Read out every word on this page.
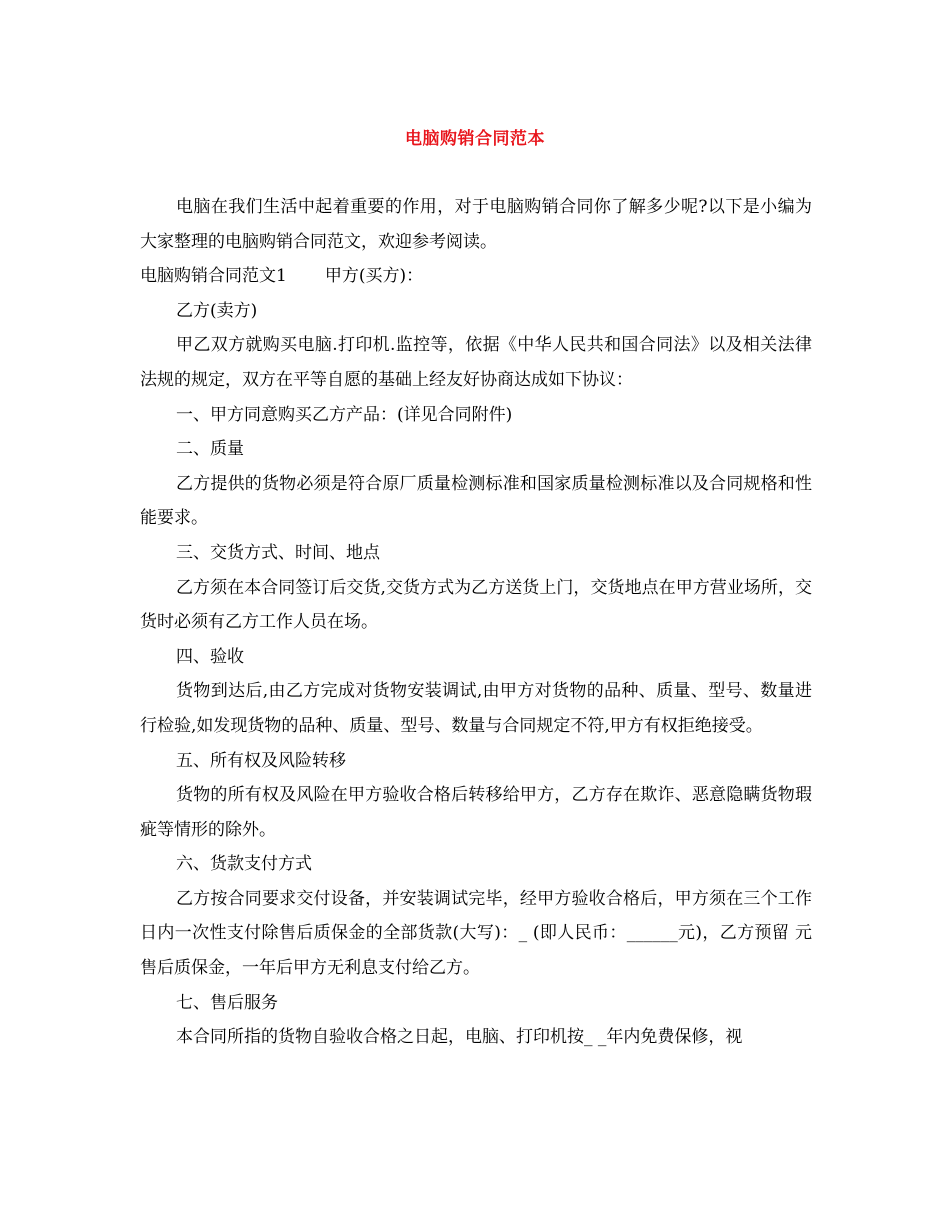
电脑购销合同范本

电脑在我们生活中起着重要的作用，对于电脑购销合同你了解多少呢?以下是小编为大家整理的电脑购销合同范文，欢迎参考阅读。

电脑购销合同范文1 甲方(买方)：

乙方(卖方)

甲乙双方就购买电脑.打印机.监控等，依据《中华人民共和国合同法》以及相关法律法规的规定，双方在平等自愿的基础上经友好协商达成如下协议：

一、甲方同意购买乙方产品：(详见合同附件)

二、质量

乙方提供的货物必须是符合原厂质量检测标准和国家质量检测标准以及合同规格和性能要求。

三、交货方式、时间、地点

乙方须在本合同签订后交货,交货方式为乙方送货上门，交货地点在甲方营业场所，交货时必须有乙方工作人员在场。

四、验收

货物到达后,由乙方完成对货物安装调试,由甲方对货物的品种、质量、型号、数量进行检验,如发现货物的品种、质量、型号、数量与合同规定不符,甲方有权拒绝接受。

五、所有权及风险转移

货物的所有权及风险在甲方验收合格后转移给甲方，乙方存在欺诈、恶意隐瞒货物瑕疵等情形的除外。

六、货款支付方式

乙方按合同要求交付设备，并安装调试完毕，经甲方验收合格后，甲方须在三个工作日内一次性支付除售后质保金的全部货款(大写)：_ (即人民币：______元)，乙方预留 元售后质保金，一年后甲方无利息支付给乙方。

七、售后服务

本合同所指的货物自验收合格之日起，电脑、打印机按_ _年内免费保修，视
